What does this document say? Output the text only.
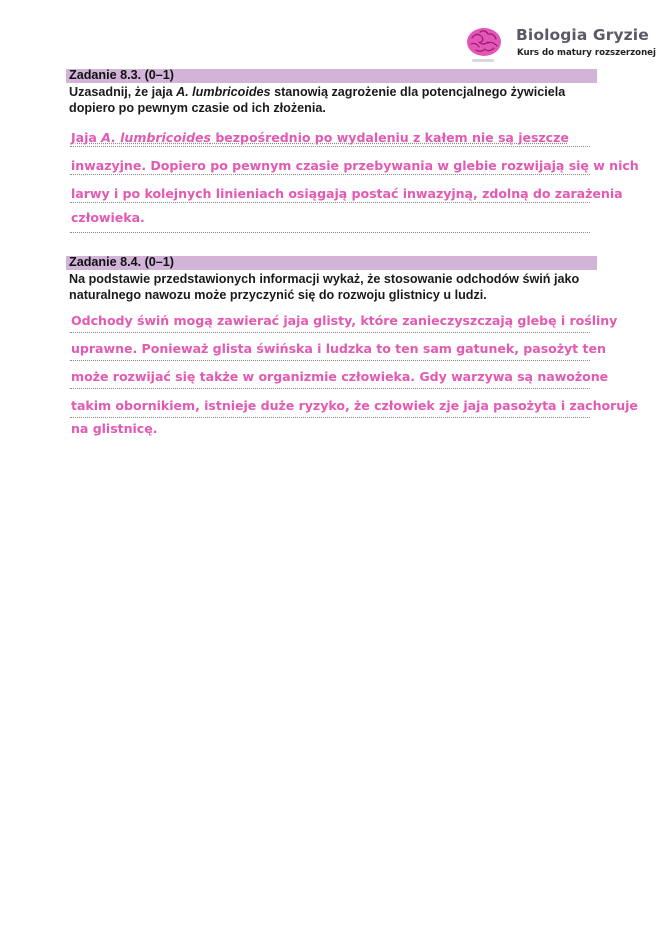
Biologia Gryzie
Kurs do matury rozszerzonej
Zadanie 8.3. (0–1)
Uzasadnij, że jaja A. lumbricoides stanowią zagrożenie dla potencjalnego żywiciela
dopiero po pewnym czasie od ich złożenia.
Jaja A. lumbricoides bezpośrednio po wydaleniu z kałem nie są jeszcze
inwazyjne. Dopiero po pewnym czasie przebywania w glebie rozwijają się w nich
larwy i po kolejnych linieniach osiągają postać inwazyjną, zdolną do zarażenia
człowieka.
Zadanie 8.4. (0–1)
Na podstawie przedstawionych informacji wykaż, że stosowanie odchodów świń jako
naturalnego nawozu może przyczynić się do rozwoju glistnicy u ludzi.
Odchody świń mogą zawierać jaja glisty, które zanieczyszczają glebę i rośliny
uprawne. Ponieważ glista świńska i ludzka to ten sam gatunek, pasożyt ten
może rozwijać się także w organizmie człowieka. Gdy warzywa są nawożone
takim obornikiem, istnieje duże ryzyko, że człowiek zje jaja pasożyta i zachoruje
na glistnicę.
